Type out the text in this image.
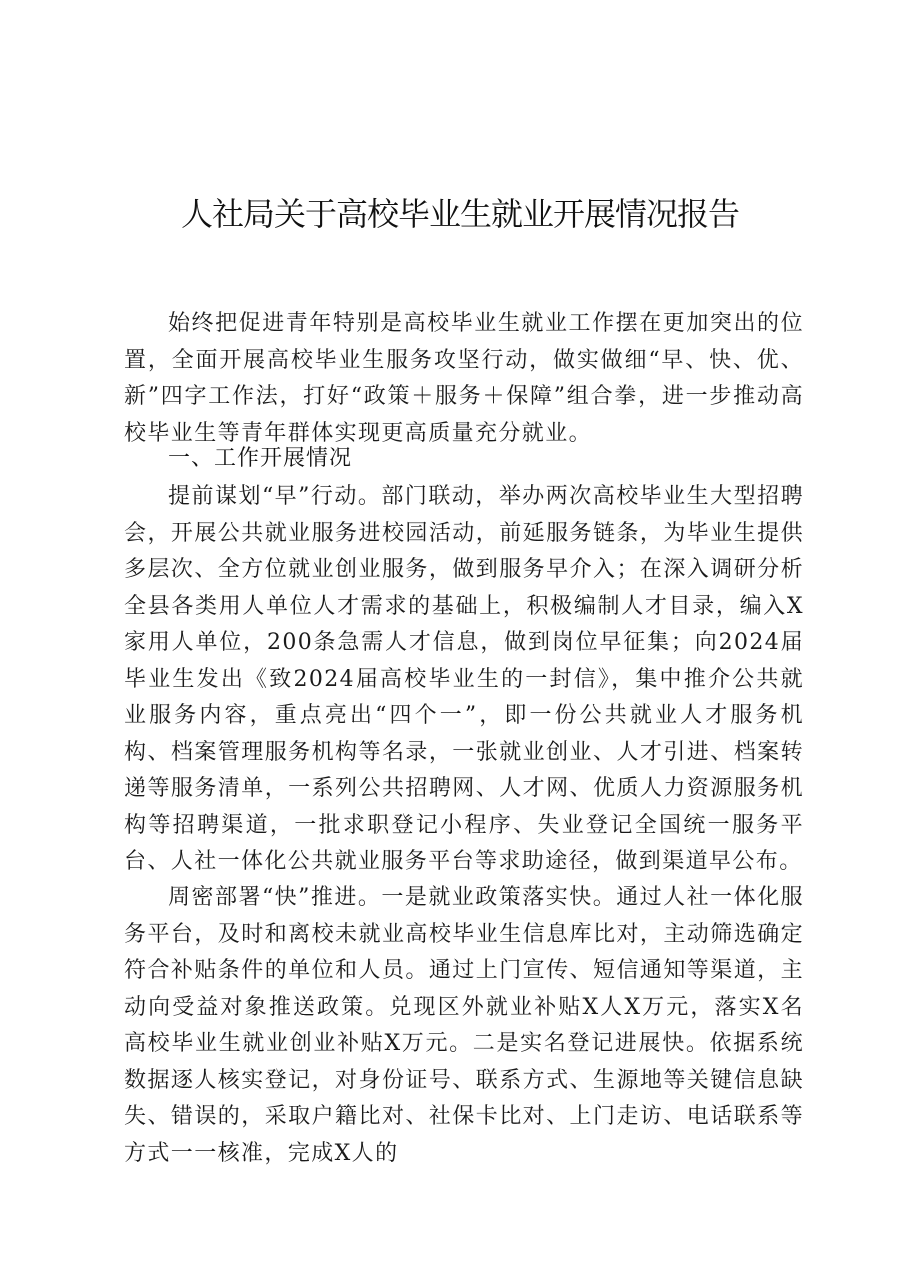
人社局关于高校毕业生就业开展情况报告

始终把促进青年特别是高校毕业生就业工作摆在更加突出的位置，全面开展高校毕业生服务攻坚行动，做实做细“早、快、优、新”四字工作法，打好“政策＋服务＋保障”组合拳，进一步推动高校毕业生等青年群体实现更高质量充分就业。

一、工作开展情况

提前谋划“早”行动。部门联动，举办两次高校毕业生大型招聘会，开展公共就业服务进校园活动，前延服务链条，为毕业生提供多层次、全方位就业创业服务，做到服务早介入；在深入调研分析全县各类用人单位人才需求的基础上，积极编制人才目录，编入X家用人单位，200条急需人才信息，做到岗位早征集；向2024届毕业生发出《致2024届高校毕业生的一封信》，集中推介公共就业服务内容，重点亮出“四个一”，即一份公共就业人才服务机构、档案管理服务机构等名录，一张就业创业、人才引进、档案转递等服务清单，一系列公共招聘网、人才网、优质人力资源服务机构等招聘渠道，一批求职登记小程序、失业登记全国统一服务平台、人社一体化公共就业服务平台等求助途径，做到渠道早公布。

周密部署“快”推进。一是就业政策落实快。通过人社一体化服务平台，及时和离校未就业高校毕业生信息库比对，主动筛选确定符合补贴条件的单位和人员。通过上门宣传、短信通知等渠道，主动向受益对象推送政策。兑现区外就业补贴X人X万元，落实X名高校毕业生就业创业补贴X万元。二是实名登记进展快。依据系统数据逐人核实登记，对身份证号、联系方式、生源地等关键信息缺失、错误的，采取户籍比对、社保卡比对、上门走访、电话联系等方式一一核准，完成X人的
